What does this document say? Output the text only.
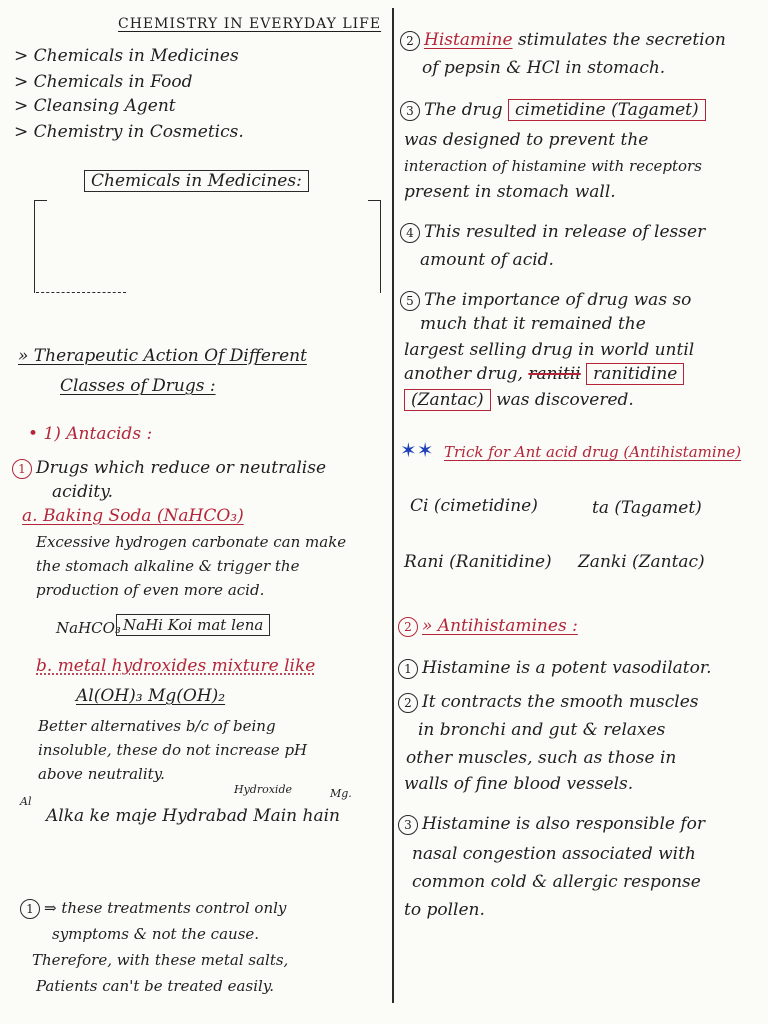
CHEMISTRY IN EVERYDAY LIFE
> Chemicals in Medicines
> Chemicals in Food
> Cleansing Agent
> Chemistry in Cosmetics.
Chemicals in Medicines:
» Therapeutic Action Of Different
Classes of Drugs :
• 1) Antacids :
1 Drugs which reduce or neutralise
acidity.
a. Baking Soda (NaHCO₃)
Excessive hydrogen carbonate can make
the stomach alkaline & trigger the
production of even more acid.
NaHCO₃ NaHi Koi mat lena
b. metal hydroxides mixture like
Al(OH)₃ Mg(OH)₂
Better alternatives b/c of being
insoluble, these do not increase pH
above neutrality.
Al
Hydroxide	Mg.
Alka ke maje Hydrabad Main hain
1 ⇒ these treatments control only
symptoms & not the cause.
Therefore, with these metal salts,
Patients can't be treated easily.
2 Histamine stimulates the secretion
of pepsin & HCl in stomach.
3 The drug cimetidine (Tagamet)
was designed to prevent the
interaction of histamine with receptors
present in stomach wall.
4 This resulted in release of lesser
amount of acid.
5 The importance of drug was so
much that it remained the
largest selling drug in world until
another drug, ranitii ranitidine
(Zantac) was discovered.
✶✶ Trick for Ant acid drug (Antihistamine)
Ci (cimetidine)	ta (Tagamet)
Rani (Ranitidine) Zanki (Zantac)
2 » Antihistamines :
1 Histamine is a potent vasodilator.
2 It contracts the smooth muscles
in bronchi and gut & relaxes
other muscles, such as those in
walls of fine blood vessels.
3 Histamine is also responsible for
nasal congestion associated with
common cold & allergic response
to pollen.
